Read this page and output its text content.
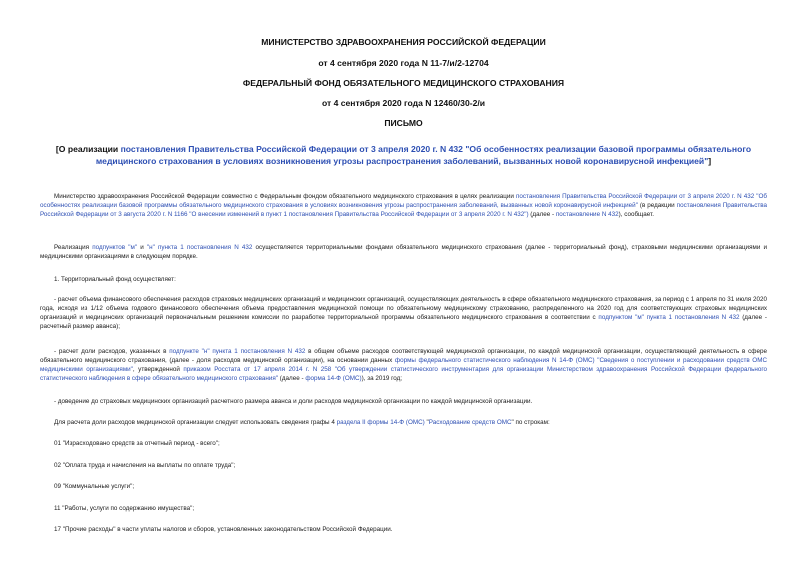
МИНИСТЕРСТВО ЗДРАВООХРАНЕНИЯ РОССИЙСКОЙ ФЕДЕРАЦИИ
от 4 сентября 2020 года N 11-7/и/2-12704
ФЕДЕРАЛЬНЫЙ ФОНД ОБЯЗАТЕЛЬНОГО МЕДИЦИНСКОГО СТРАХОВАНИЯ
от 4 сентября 2020 года N 12460/30-2/и
ПИСЬМО
[О реализации постановления Правительства Российской Федерации от 3 апреля 2020 г. N 432 "Об особенностях реализации базовой программы обязательного медицинского страхования в условиях возникновения угрозы распространения заболеваний, вызванных новой коронавирусной инфекцией"]
Министерство здравоохранения Российской Федерации совместно с Федеральным фондом обязательного медицинского страхования в целях реализации постановления Правительства Российской Федерации от 3 апреля 2020 г. N 432 "Об особенностях реализации базовой программы обязательного медицинского страхования в условиях возникновения угрозы распространения заболеваний, вызванных новой коронавирусной инфекцией" (в редакции постановления Правительства Российской Федерации от 3 августа 2020 г. N 1166 "О внесении изменений в пункт 1 постановления Правительства Российской Федерации от 3 апреля 2020 г. N 432") (далее - постановление N 432), сообщает.
Реализация подпунктов "м" и "н" пункта 1 постановления N 432 осуществляется территориальными фондами обязательного медицинского страхования (далее - территориальный фонд), страховыми медицинскими организациями и медицинскими организациями в следующем порядке.
1. Территориальный фонд осуществляет:
- расчет объема финансового обеспечения расходов страховых медицинских организаций и медицинских организаций, осуществляющих деятельность в сфере обязательного медицинского страхования, за период с 1 апреля по 31 июля 2020 года, исходя из 1/12 объема годового финансового обеспечения объема предоставления медицинской помощи по обязательному медицинскому страхованию, распределенного на 2020 год для соответствующих страховых медицинских организаций и медицинских организаций первоначальным решением комиссии по разработке территориальной программы обязательного медицинского страхования в соответствии с подпунктом "м" пункта 1 постановления N 432 (далее - расчетный размер аванса);
- расчет доли расходов, указанных в подпункте "н" пункта 1 постановления N 432 в общем объеме расходов соответствующей медицинской организации, по каждой медицинской организации, осуществляющей деятельность в сфере обязательного медицинского страхования, (далее - доля расходов медицинской организации), на основании данных формы федерального статистического наблюдения N 14-Ф (ОМС) "Сведения о поступлении и расходовании средств ОМС медицинскими организациями", утвержденной приказом Росстата от 17 апреля 2014 г. N 258 "Об утверждении статистического инструментария для организации Министерством здравоохранения Российской Федерации федерального статистического наблюдения в сфере обязательного медицинского страхования" (далее - форма 14-Ф (ОМС)), за 2019 год;
- доведение до страховых медицинских организаций расчетного размера аванса и доли расходов медицинской организации по каждой медицинской организации.
Для расчета доли расходов медицинской организации следует использовать сведения графы 4 раздела II формы 14-Ф (ОМС) "Расходование средств ОМС" по строкам:
01 "Израсходовано средств за отчетный период - всего";
02 "Оплата труда и начисления на выплаты по оплате труда";
09 "Коммунальные услуги";
11 "Работы, услуги по содержанию имущества";
17 "Прочие расходы" в части уплаты налогов и сборов, установленных законодательством Российской Федерации.
